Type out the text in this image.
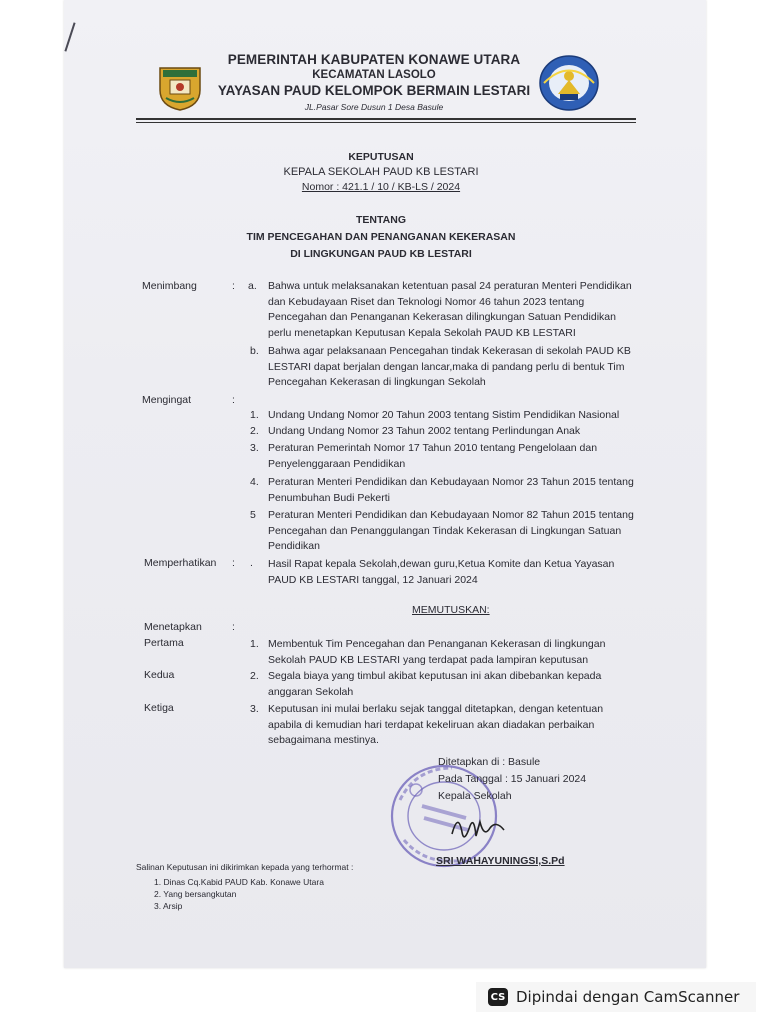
PEMERINTAH KABUPATEN KONAWE UTARA
KECAMATAN LASOLO
YAYASAN PAUD KELOMPOK BERMAIN LESTARI
JL.Pasar Sore Dusun 1 Desa Basule
KEPUTUSAN
KEPALA SEKOLAH PAUD KB LESTARI
Nomor : 421.1 / 10 / KB-LS / 2024
TENTANG
TIM PENCEGAHAN DAN PENANGANAN KEKERASAN
DI LINGKUNGAN PAUD KB LESTARI
Menimbang	: a. Bahwa untuk melaksanakan ketentuan pasal 24 peraturan Menteri Pendidikan
dan Kebudayaan Riset dan Teknologi Nomor 46 tahun 2023 tentang
Pencegahan dan Penanganan Kekerasan dilingkungan Satuan Pendidikan
perlu menetapkan Keputusan Kepala Sekolah PAUD KB LESTARI
b. Bahwa agar pelaksanaan Pencegahan tindak Kekerasan di sekolah PAUD KB
LESTARI dapat berjalan dengan lancar,maka di pandang perlu di bentuk Tim
Pencegahan Kekerasan di lingkungan Sekolah
Mengingat	:
1. Undang Undang Nomor 20 Tahun 2003 tentang Sistim Pendidikan Nasional
2. Undang Undang Nomor 23 Tahun 2002 tentang Perlindungan Anak
3. Peraturan Pemerintah Nomor 17 Tahun 2010 tentang Pengelolaan dan
Penyelenggaraan Pendidikan
4. Peraturan Menteri Pendidikan dan Kebudayaan Nomor 23 Tahun 2015 tentang
Penumbuhan Budi Pekerti
5 Peraturan Menteri Pendidikan dan Kebudayaan Nomor 82 Tahun 2015 tentang
Pencegahan dan Penanggulangan Tindak Kekerasan di Lingkungan Satuan
Pendidikan
Memperhatikan : . Hasil Rapat kepala Sekolah,dewan guru,Ketua Komite dan Ketua Yayasan
PAUD KB LESTARI tanggal, 12 Januari 2024
MEMUTUSKAN:
Menetapkan	:
Pertama	1. Membentuk Tim Pencegahan dan Penanganan Kekerasan di lingkungan
Sekolah PAUD KB LESTARI yang terdapat pada lampiran keputusan
Kedua	2. Segala biaya yang timbul akibat keputusan ini akan dibebankan kepada
anggaran Sekolah
Ketiga	3. Keputusan ini mulai berlaku sejak tanggal ditetapkan, dengan ketentuan
apabila di kemudian hari terdapat kekeliruan akan diadakan perbaikan
sebagaimana mestinya.
Ditetapkan di : Basule
Pada Tanggal : 15 Januari 2024
Kepala Sekolah
SRI WAHAYUNINGSI,S.Pd
Salinan Keputusan ini dikirimkan kepada yang terhormat :
1. Dinas Cq.Kabid PAUD Kab. Konawe Utara
2. Yang bersangkutan
3. Arsip
CS Dipindai dengan CamScanner
